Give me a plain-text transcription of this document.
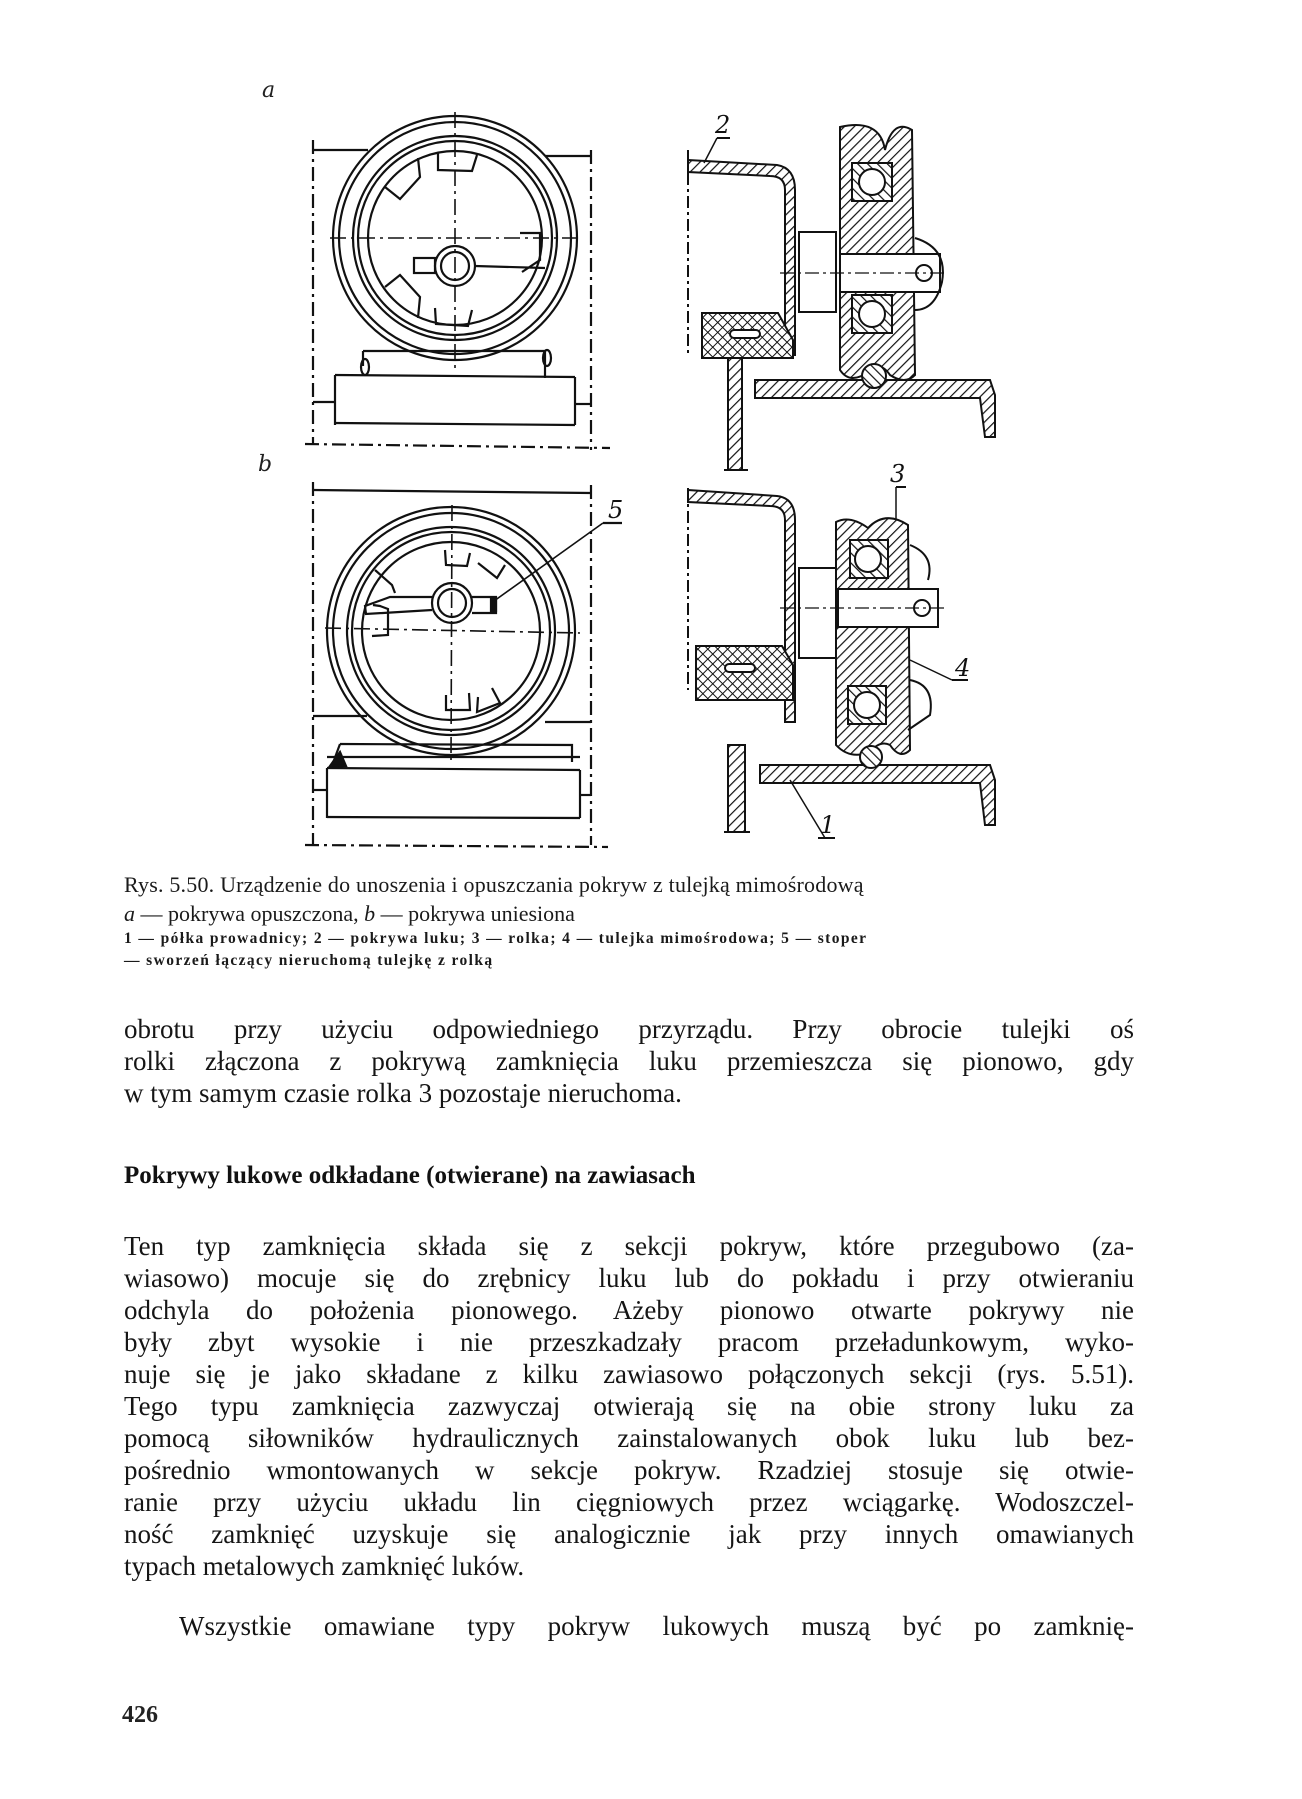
a
b
2
3
5
4
1
Rys. 5.50. Urządzenie do unoszenia i opuszczania pokryw z tulejką mimośrodową
a — pokrywa opuszczona, b — pokrywa uniesiona
1 — półka prowadnicy; 2 — pokrywa luku; 3 — rolka; 4 — tulejka mimośrodowa; 5 — stoper
— sworzeń łączący nieruchomą tulejkę z rolką
obrotu przy użyciu odpowiedniego przyrządu. Przy obrocie tulejki oś
rolki złączona z pokrywą zamknięcia luku przemieszcza się pionowo, gdy
w tym samym czasie rolka 3 pozostaje nieruchoma.
Pokrywy lukowe odkładane (otwierane) na zawiasach
Ten typ zamknięcia składa się z sekcji pokryw, które przegubowo (za-
wiasowo) mocuje się do zrębnicy luku lub do pokładu i przy otwieraniu
odchyla do położenia pionowego. Ażeby pionowo otwarte pokrywy nie
były zbyt wysokie i nie przeszkadzały pracom przeładunkowym, wyko-
nuje się je jako składane z kilku zawiasowo połączonych sekcji (rys. 5.51).
Tego typu zamknięcia zazwyczaj otwierają się na obie strony luku za
pomocą siłowników hydraulicznych zainstalowanych obok luku lub bez-
pośrednio wmontowanych w sekcje pokryw. Rzadziej stosuje się otwie-
ranie przy użyciu układu lin cięgniowych przez wciągarkę. Wodoszczel-
ność zamknięć uzyskuje się analogicznie jak przy innych omawianych
typach metalowych zamknięć luków.
Wszystkie omawiane typy pokryw lukowych muszą być po zamknię-
426
